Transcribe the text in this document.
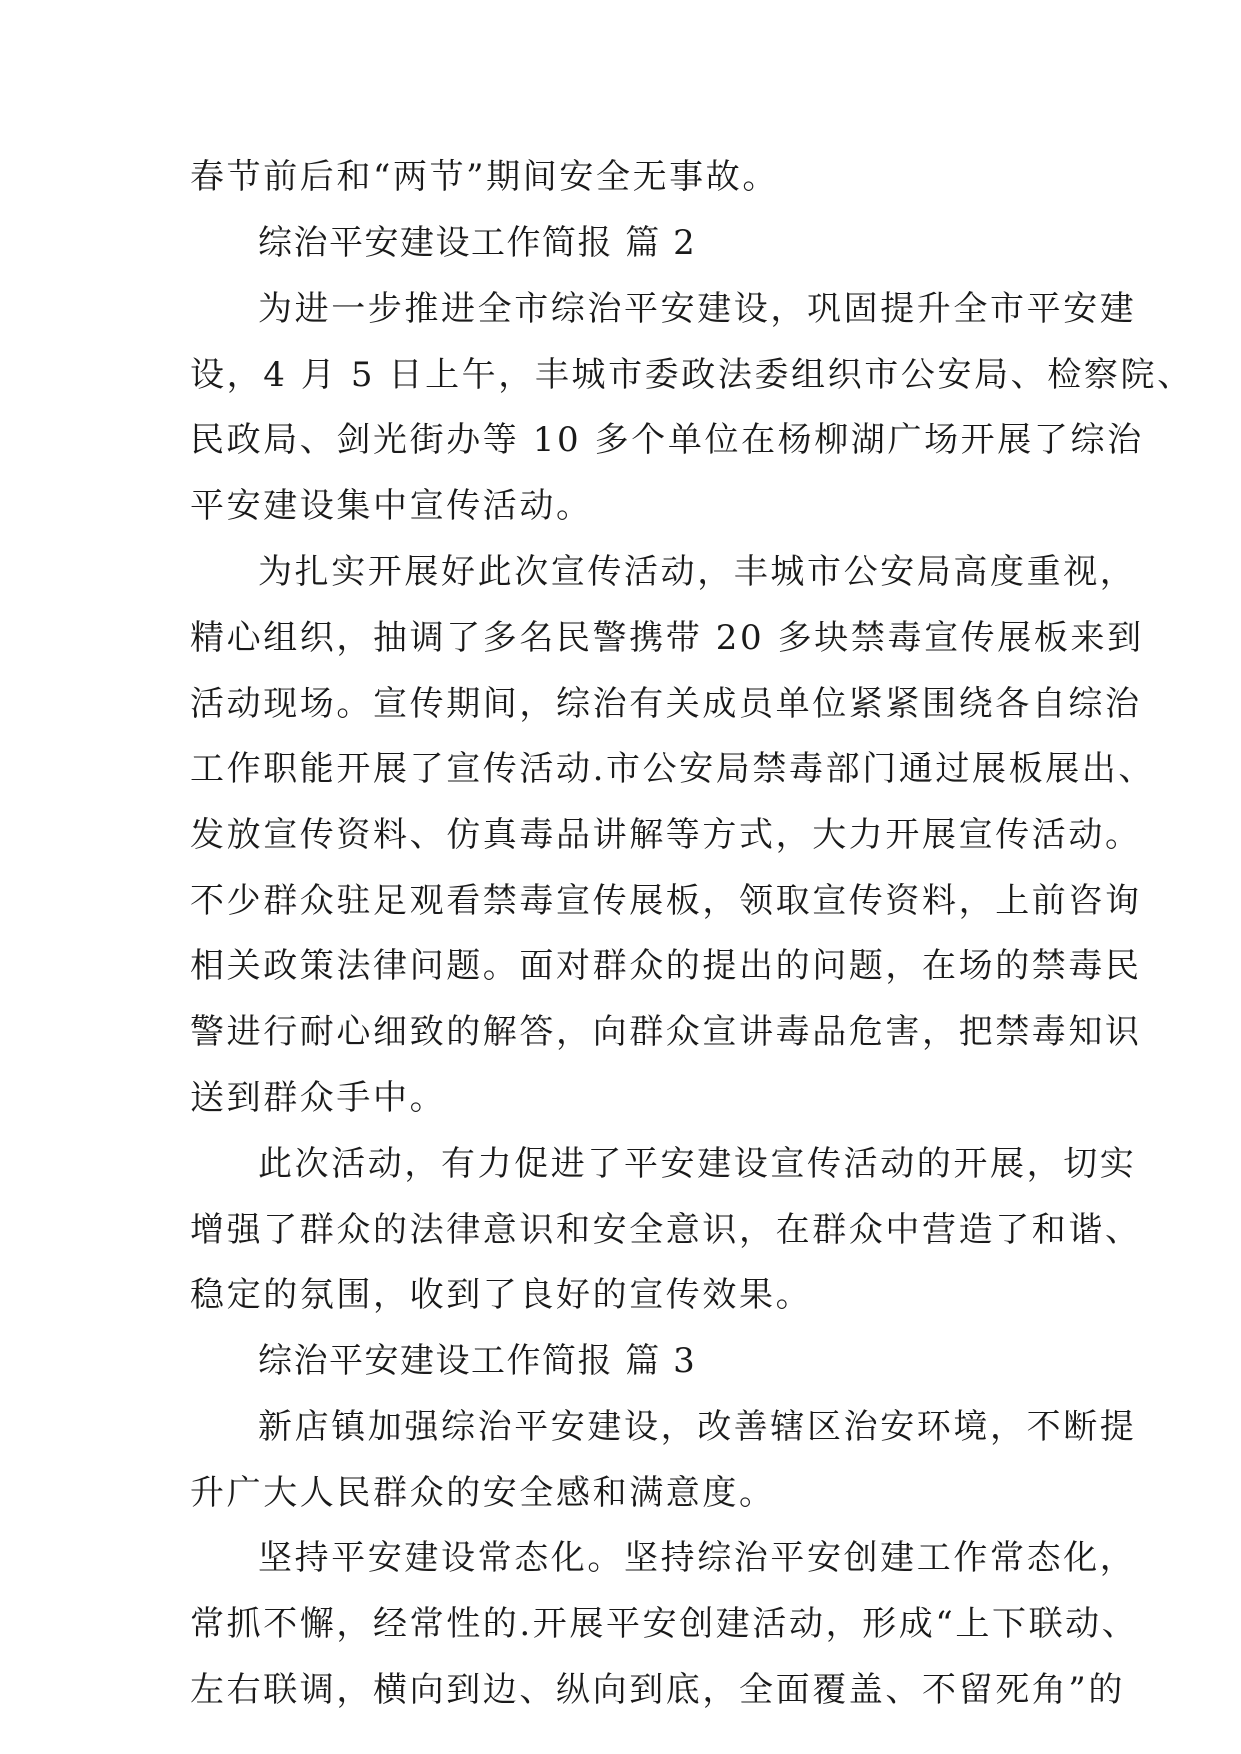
春节前后和“两节”期间安全无事故。
综治平安建设工作简报 篇 2
为进一步推进全市综治平安建设，巩固提升全市平安建
设，4 月 5 日上午，丰城市委政法委组织市公安局、检察院、
民政局、剑光街办等 10 多个单位在杨柳湖广场开展了综治
平安建设集中宣传活动。
为扎实开展好此次宣传活动，丰城市公安局高度重视，
精心组织，抽调了多名民警携带 20 多块禁毒宣传展板来到
活动现场。宣传期间，综治有关成员单位紧紧围绕各自综治
工作职能开展了宣传活动.市公安局禁毒部门通过展板展出、
发放宣传资料、仿真毒品讲解等方式，大力开展宣传活动。
不少群众驻足观看禁毒宣传展板，领取宣传资料，上前咨询
相关政策法律问题。面对群众的提出的问题，在场的禁毒民
警进行耐心细致的解答，向群众宣讲毒品危害，把禁毒知识
送到群众手中。
此次活动，有力促进了平安建设宣传活动的开展，切实
增强了群众的法律意识和安全意识，在群众中营造了和谐、
稳定的氛围，收到了良好的宣传效果。
综治平安建设工作简报 篇 3
新店镇加强综治平安建设，改善辖区治安环境，不断提
升广大人民群众的安全感和满意度。
坚持平安建设常态化。坚持综治平安创建工作常态化，
常抓不懈，经常性的.开展平安创建活动，形成“上下联动、
左右联调，横向到边、纵向到底，全面覆盖、不留死角”的
